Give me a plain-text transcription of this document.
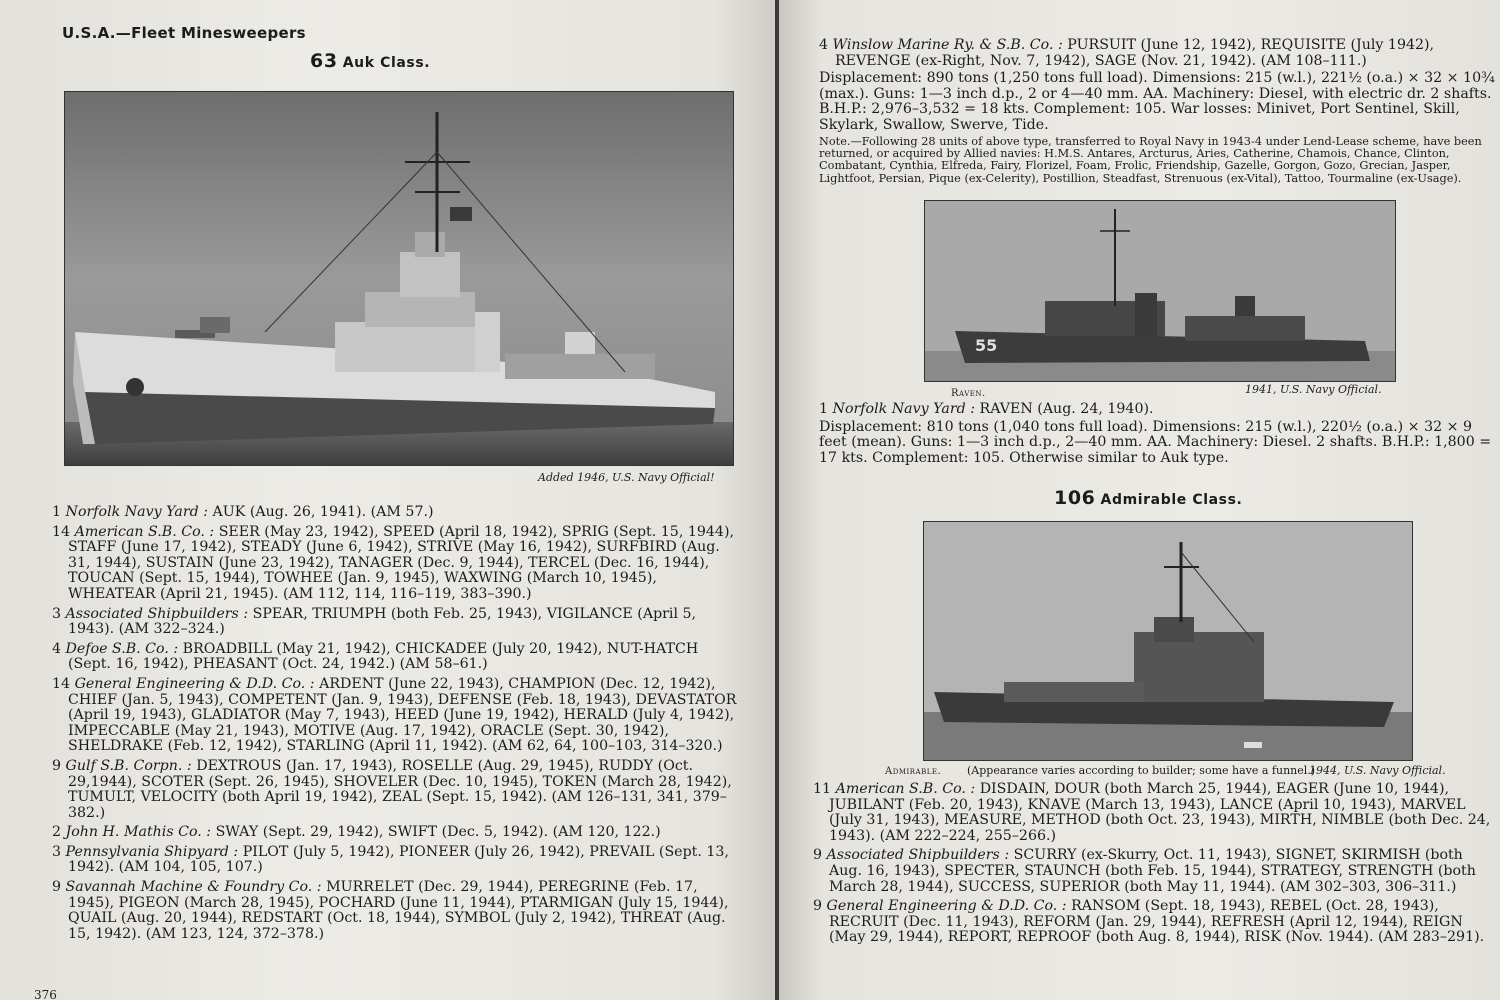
U.S.A.—Fleet Minesweepers
63 Auk Class.
Added 1946, U.S. Navy Official!

1 Norfolk Navy Yard : AUK (Aug. 26, 1941). (AM 57.)

14 American S.B. Co. : SEER (May 23, 1942), SPEED (April 18, 1942), SPRIG (Sept. 15, 1944), STAFF (June 17, 1942), STEADY (June 6, 1942), STRIVE (May 16, 1942), SURFBIRD (Aug. 31, 1944), SUSTAIN (June 23, 1942), TANAGER (Dec. 9, 1944), TERCEL (Dec. 16, 1944), TOUCAN (Sept. 15, 1944), TOWHEE (Jan. 9, 1945), WAXWING (March 10, 1945), WHEATEAR (April 21, 1945). (AM 112, 114, 116–119, 383–390.)

3 Associated Shipbuilders : SPEAR, TRIUMPH (both Feb. 25, 1943), VIGILANCE (April 5, 1943). (AM 322–324.)

4 Defoe S.B. Co. : BROADBILL (May 21, 1942), CHICKADEE (July 20, 1942), NUT-HATCH (Sept. 16, 1942), PHEASANT (Oct. 24, 1942.) (AM 58–61.)

14 General Engineering & D.D. Co. : ARDENT (June 22, 1943), CHAMPION (Dec. 12, 1942), CHIEF (Jan. 5, 1943), COMPETENT (Jan. 9, 1943), DEFENSE (Feb. 18, 1943), DEVASTATOR (April 19, 1943), GLADIATOR (May 7, 1943), HEED (June 19, 1942), HERALD (July 4, 1942), IMPECCABLE (May 21, 1943), MOTIVE (Aug. 17, 1942), ORACLE (Sept. 30, 1942), SHELDRAKE (Feb. 12, 1942), STARLING (April 11, 1942). (AM 62, 64, 100–103, 314–320.)

9 Gulf S.B. Corpn. : DEXTROUS (Jan. 17, 1943), ROSELLE (Aug. 29, 1945), RUDDY (Oct. 29,1944), SCOTER (Sept. 26, 1945), SHOVELER (Dec. 10, 1945), TOKEN (March 28, 1942), TUMULT, VELOCITY (both April 19, 1942), ZEAL (Sept. 15, 1942). (AM 126–131, 341, 379–382.)

2 John H. Mathis Co. : SWAY (Sept. 29, 1942), SWIFT (Dec. 5, 1942). (AM 120, 122.)

3 Pennsylvania Shipyard : PILOT (July 5, 1942), PIONEER (July 26, 1942), PREVAIL (Sept. 13, 1942). (AM 104, 105, 107.)

9 Savannah Machine & Foundry Co. : MURRELET (Dec. 29, 1944), PEREGRINE (Feb. 17, 1945), PIGEON (March 28, 1945), POCHARD (June 11, 1944), PTARMIGAN (July 15, 1944), QUAIL (Aug. 20, 1944), REDSTART (Oct. 18, 1944), SYMBOL (July 2, 1942), THREAT (Aug. 15, 1942). (AM 123, 124, 372–378.)

376

4 Winslow Marine Ry. & S.B. Co. : PURSUIT (June 12, 1942), REQUISITE (July 1942), REVENGE (ex-Right, Nov. 7, 1942), SAGE (Nov. 21, 1942). (AM 108–111.)

Displacement: 890 tons (1,250 tons full load). Dimensions: 215 (w.l.), 221½ (o.a.) × 32 × 10¾ (max.). Guns: 1—3 inch d.p., 2 or 4—40 mm. AA. Machinery: Diesel, with electric dr. 2 shafts. B.H.P.: 2,976–3,532 = 18 kts. Complement: 105. War losses: Minivet, Port Sentinel, Skill, Skylark, Swallow, Swerve, Tide.

Note.—Following 28 units of above type, transferred to Royal Navy in 1943-4 under Lend-Lease scheme, have been returned, or acquired by Allied navies: H.M.S. Antares, Arcturus, Aries, Catherine, Chamois, Chance, Clinton, Combatant, Cynthia, Elfreda, Fairy, Florizel, Foam, Frolic, Friendship, Gazelle, Gorgon, Gozo, Grecian, Jasper, Lightfoot, Persian, Pique (ex-Celerity), Postillion, Steadfast, Strenuous (ex-Vital), Tattoo, Tourmaline (ex-Usage).

55
Raven.	1941, U.S. Navy Official.

1 Norfolk Navy Yard : RAVEN (Aug. 24, 1940).

Displacement: 810 tons (1,040 tons full load). Dimensions: 215 (w.l.), 220½ (o.a.) × 32 × 9 feet (mean). Guns: 1—3 inch d.p., 2—40 mm. AA. Machinery: Diesel. 2 shafts. B.H.P.: 1,800 = 17 kts. Complement: 105. Otherwise similar to Auk type.

106 Admirable Class.
Admirable. (Appearance varies according to builder; some have a funnel.)
1944, U.S. Navy Official.

11 American S.B. Co. : DISDAIN, DOUR (both March 25, 1944), EAGER (June 10, 1944), JUBILANT (Feb. 20, 1943), KNAVE (March 13, 1943), LANCE (April 10, 1943), MARVEL (July 31, 1943), MEASURE, METHOD (both Oct. 23, 1943), MIRTH, NIMBLE (both Dec. 24, 1943). (AM 222–224, 255–266.)

9 Associated Shipbuilders : SCURRY (ex-Skurry, Oct. 11, 1943), SIGNET, SKIRMISH (both Aug. 16, 1943), SPECTER, STAUNCH (both Feb. 15, 1944), STRATEGY, STRENGTH (both March 28, 1944), SUCCESS, SUPERIOR (both May 11, 1944). (AM 302–303, 306–311.)

9 General Engineering & D.D. Co. : RANSOM (Sept. 18, 1943), REBEL (Oct. 28, 1943), RECRUIT (Dec. 11, 1943), REFORM (Jan. 29, 1944), REFRESH (April 12, 1944), REIGN (May 29, 1944), REPORT, REPROOF (both Aug. 8, 1944), RISK (Nov. 1944). (AM 283–291).
